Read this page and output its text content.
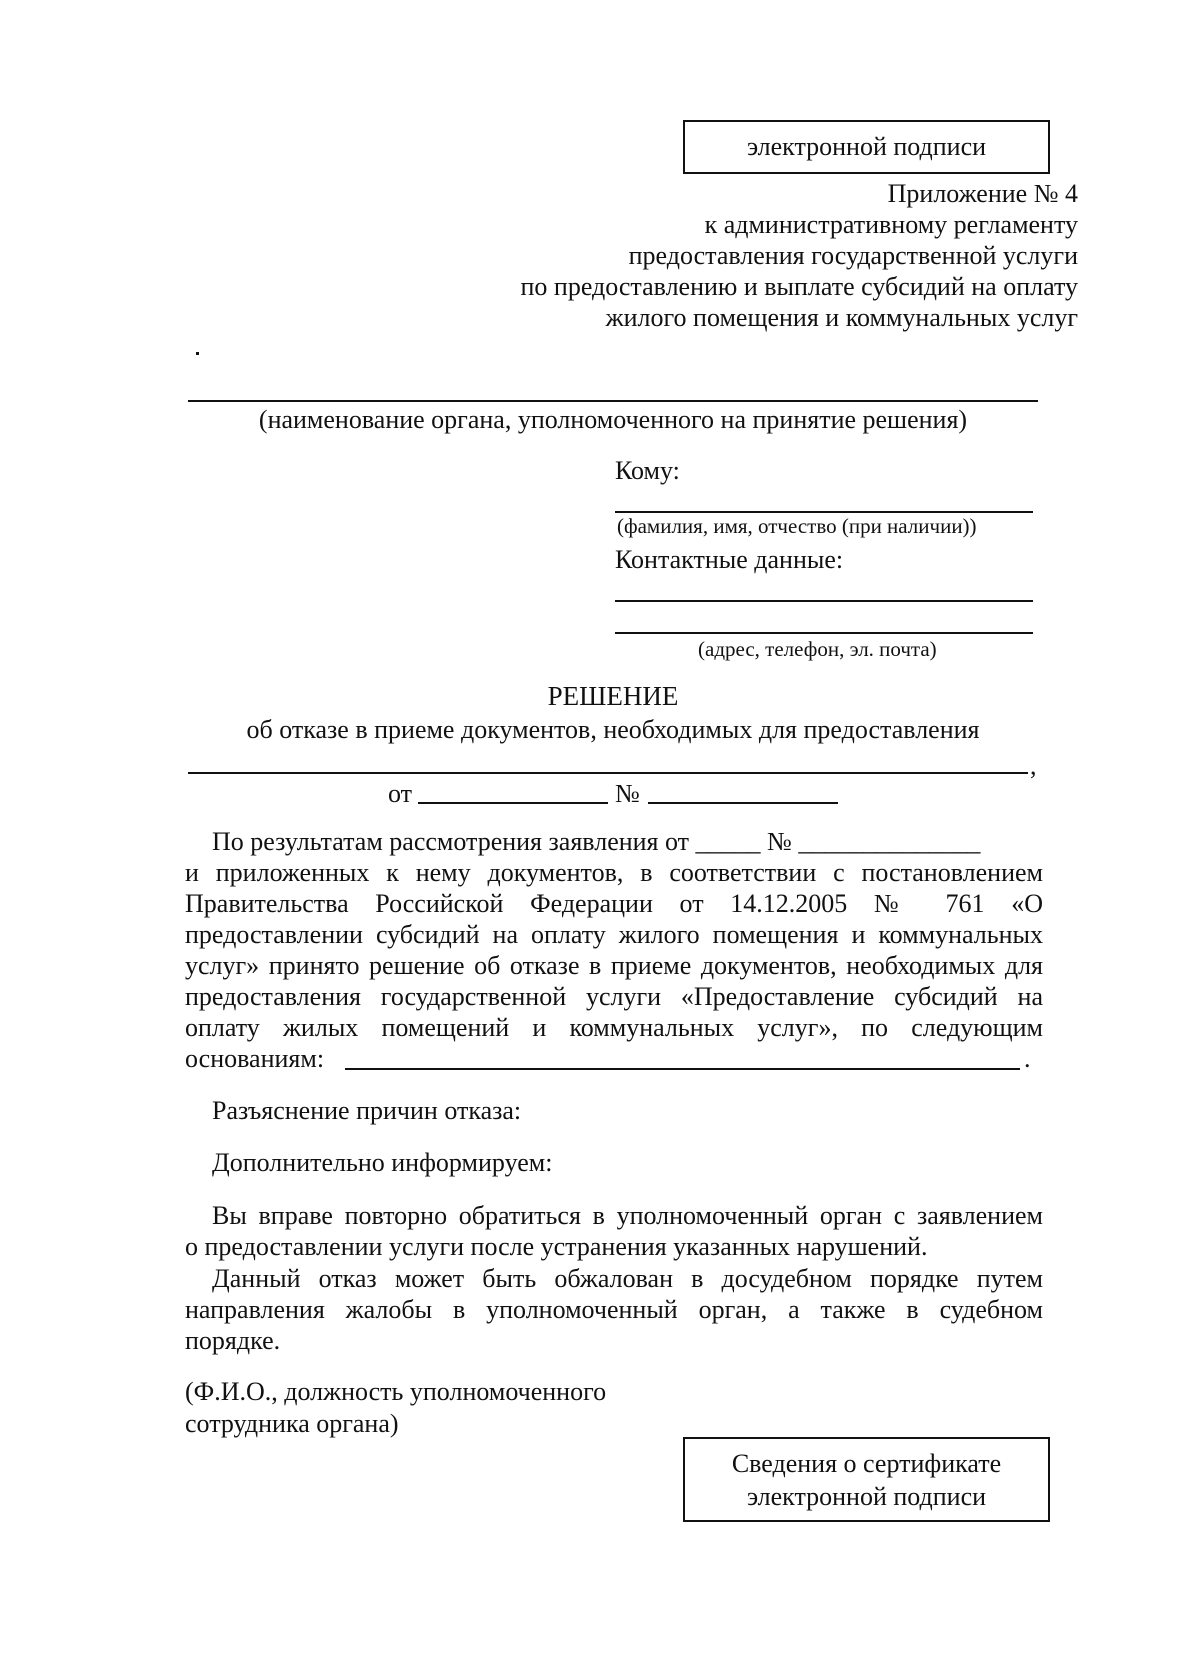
электронной подписи
Приложение № 4
к административному регламенту
предоставления государственной услуги
по предоставлению и выплате субсидий на оплату
жилого помещения и коммунальных услуг
(наименование органа, уполномоченного на принятие решения)
Кому:
(фамилия, имя, отчество (при наличии))
Контактные данные:
(адрес, телефон, эл. почта)
РЕШЕНИЕ
об отказе в приеме документов, необходимых для предоставления
,
от	№
По результатам рассмотрения заявления от _____ № ______________
и приложенных к нему документов, в соответствии с постановлением
Правительства Российской Федерации от 14.12.2005 № 761 «О
предоставлении субсидий на оплату жилого помещения и коммунальных
услуг» принято решение об отказе в приеме документов, необходимых для
предоставления государственной услуги «Предоставление субсидий на
оплату жилых помещений и коммунальных услуг», по следующим
основаниям:	.
Разъяснение причин отказа:
Дополнительно информируем:
Вы вправе повторно обратиться в уполномоченный орган с заявлением
о предоставлении услуги после устранения указанных нарушений.
Данный отказ может быть обжалован в досудебном порядке путем
направления жалобы в уполномоченный орган, а также в судебном
порядке.
(Ф.И.О., должность уполномоченного
сотрудника органа)
Сведения о сертификате
электронной подписи
